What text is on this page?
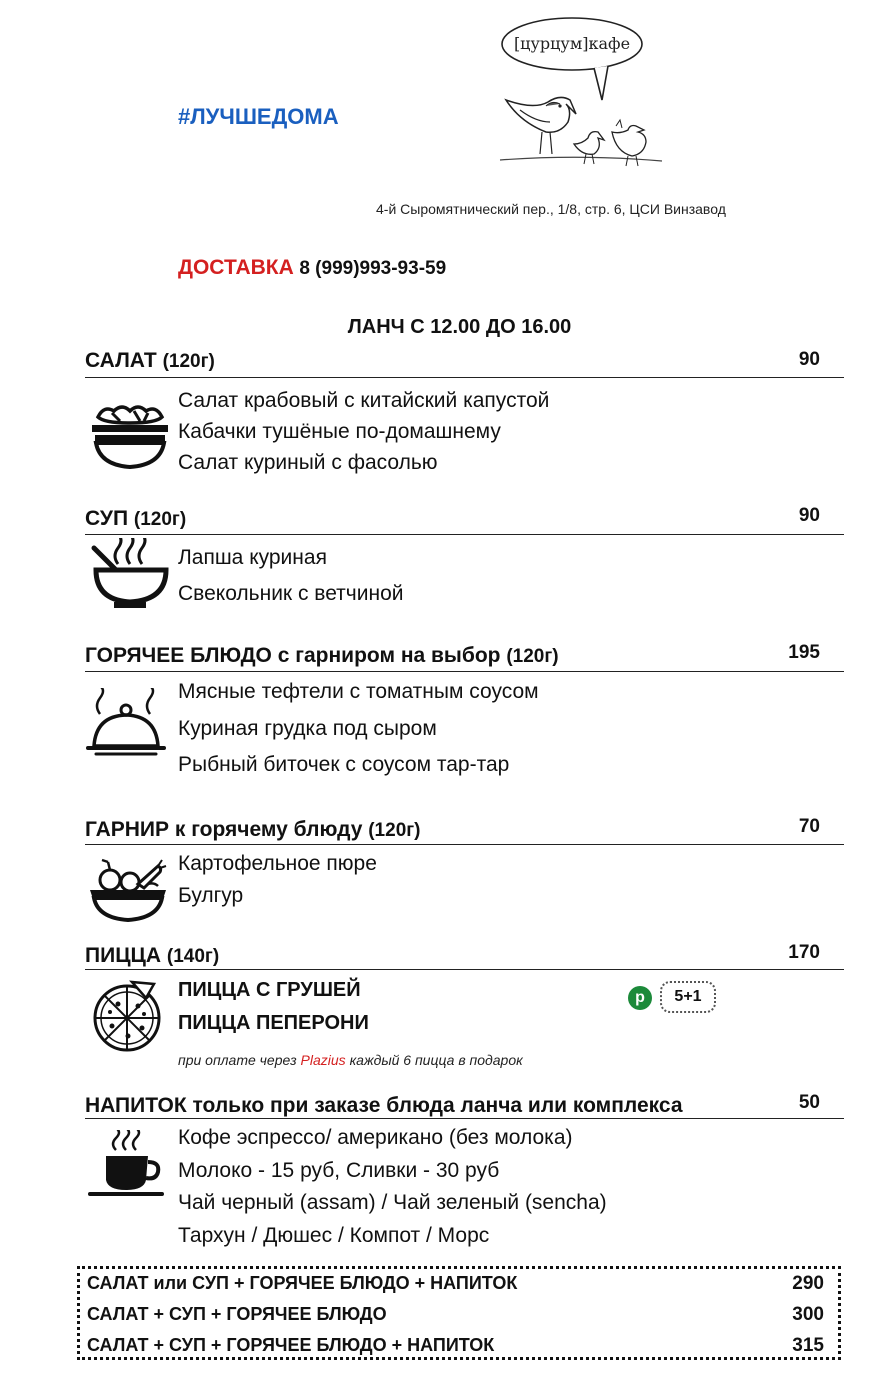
#ЛУЧШЕДОМА
[цурцум]кафе
4-й Сыромятнический пер., 1/8, стр. 6, ЦСИ Винзавод
ДОСТАВКА 8 (999)993-93-59
ЛАНЧ С 12.00 ДО 16.00
САЛАТ (120г)	90
Салат крабовый с китайский капустой
Кабачки тушёные по-домашнему
Салат куриный с фасолью
СУП (120г)	90
Лапша куриная
Свекольник с ветчиной
ГОРЯЧЕЕ БЛЮДО с гарниром на выбор (120г)	195
Мясные тефтели с томатным соусом
Куриная грудка под сыром
Рыбный биточек с соусом тар-тар
ГАРНИР к горячему блюду (120г)	70
Картофельное пюре
Булгур
ПИЦЦА (140г)	170
ПИЦЦА С ГРУШЕЙ
ПИЦЦА ПЕПЕРОНИ
при оплате через Plazius каждый 6 пицца в подарок
p	5+1
НАПИТОК только при заказе блюда ланча или комплекса	50
Кофе эспрессо/ американо (без молока)
Молоко - 15 руб, Сливки - 30 руб
Чай черный (assam) / Чай зеленый (sencha)
Тархун / Дюшес / Компот / Морс
САЛАТ или СУП + ГОРЯЧЕЕ БЛЮДО + НАПИТОК	290
САЛАТ + СУП + ГОРЯЧЕЕ БЛЮДО	300
САЛАТ + СУП + ГОРЯЧЕЕ БЛЮДО + НАПИТОК	315
